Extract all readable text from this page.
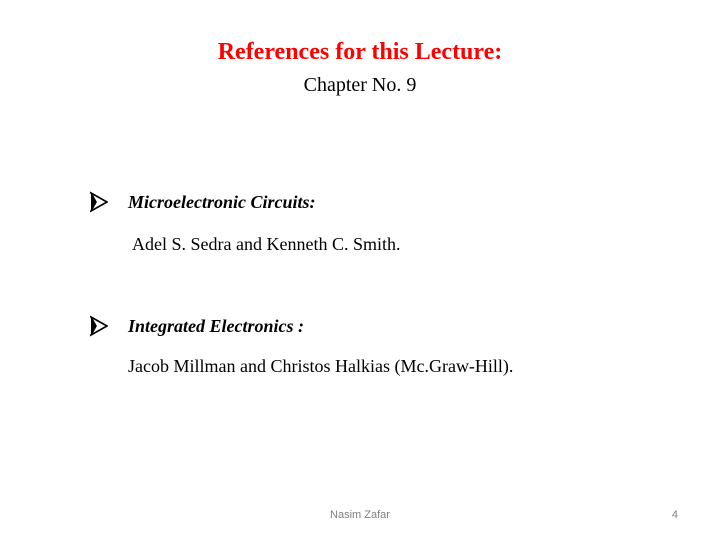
References for this Lecture:
Chapter No. 9
Microelectronic Circuits:
Adel S. Sedra and Kenneth C. Smith.
Integrated Electronics :
Jacob Millman and Christos Halkias (Mc.Graw-Hill).
Nasim Zafar	4
